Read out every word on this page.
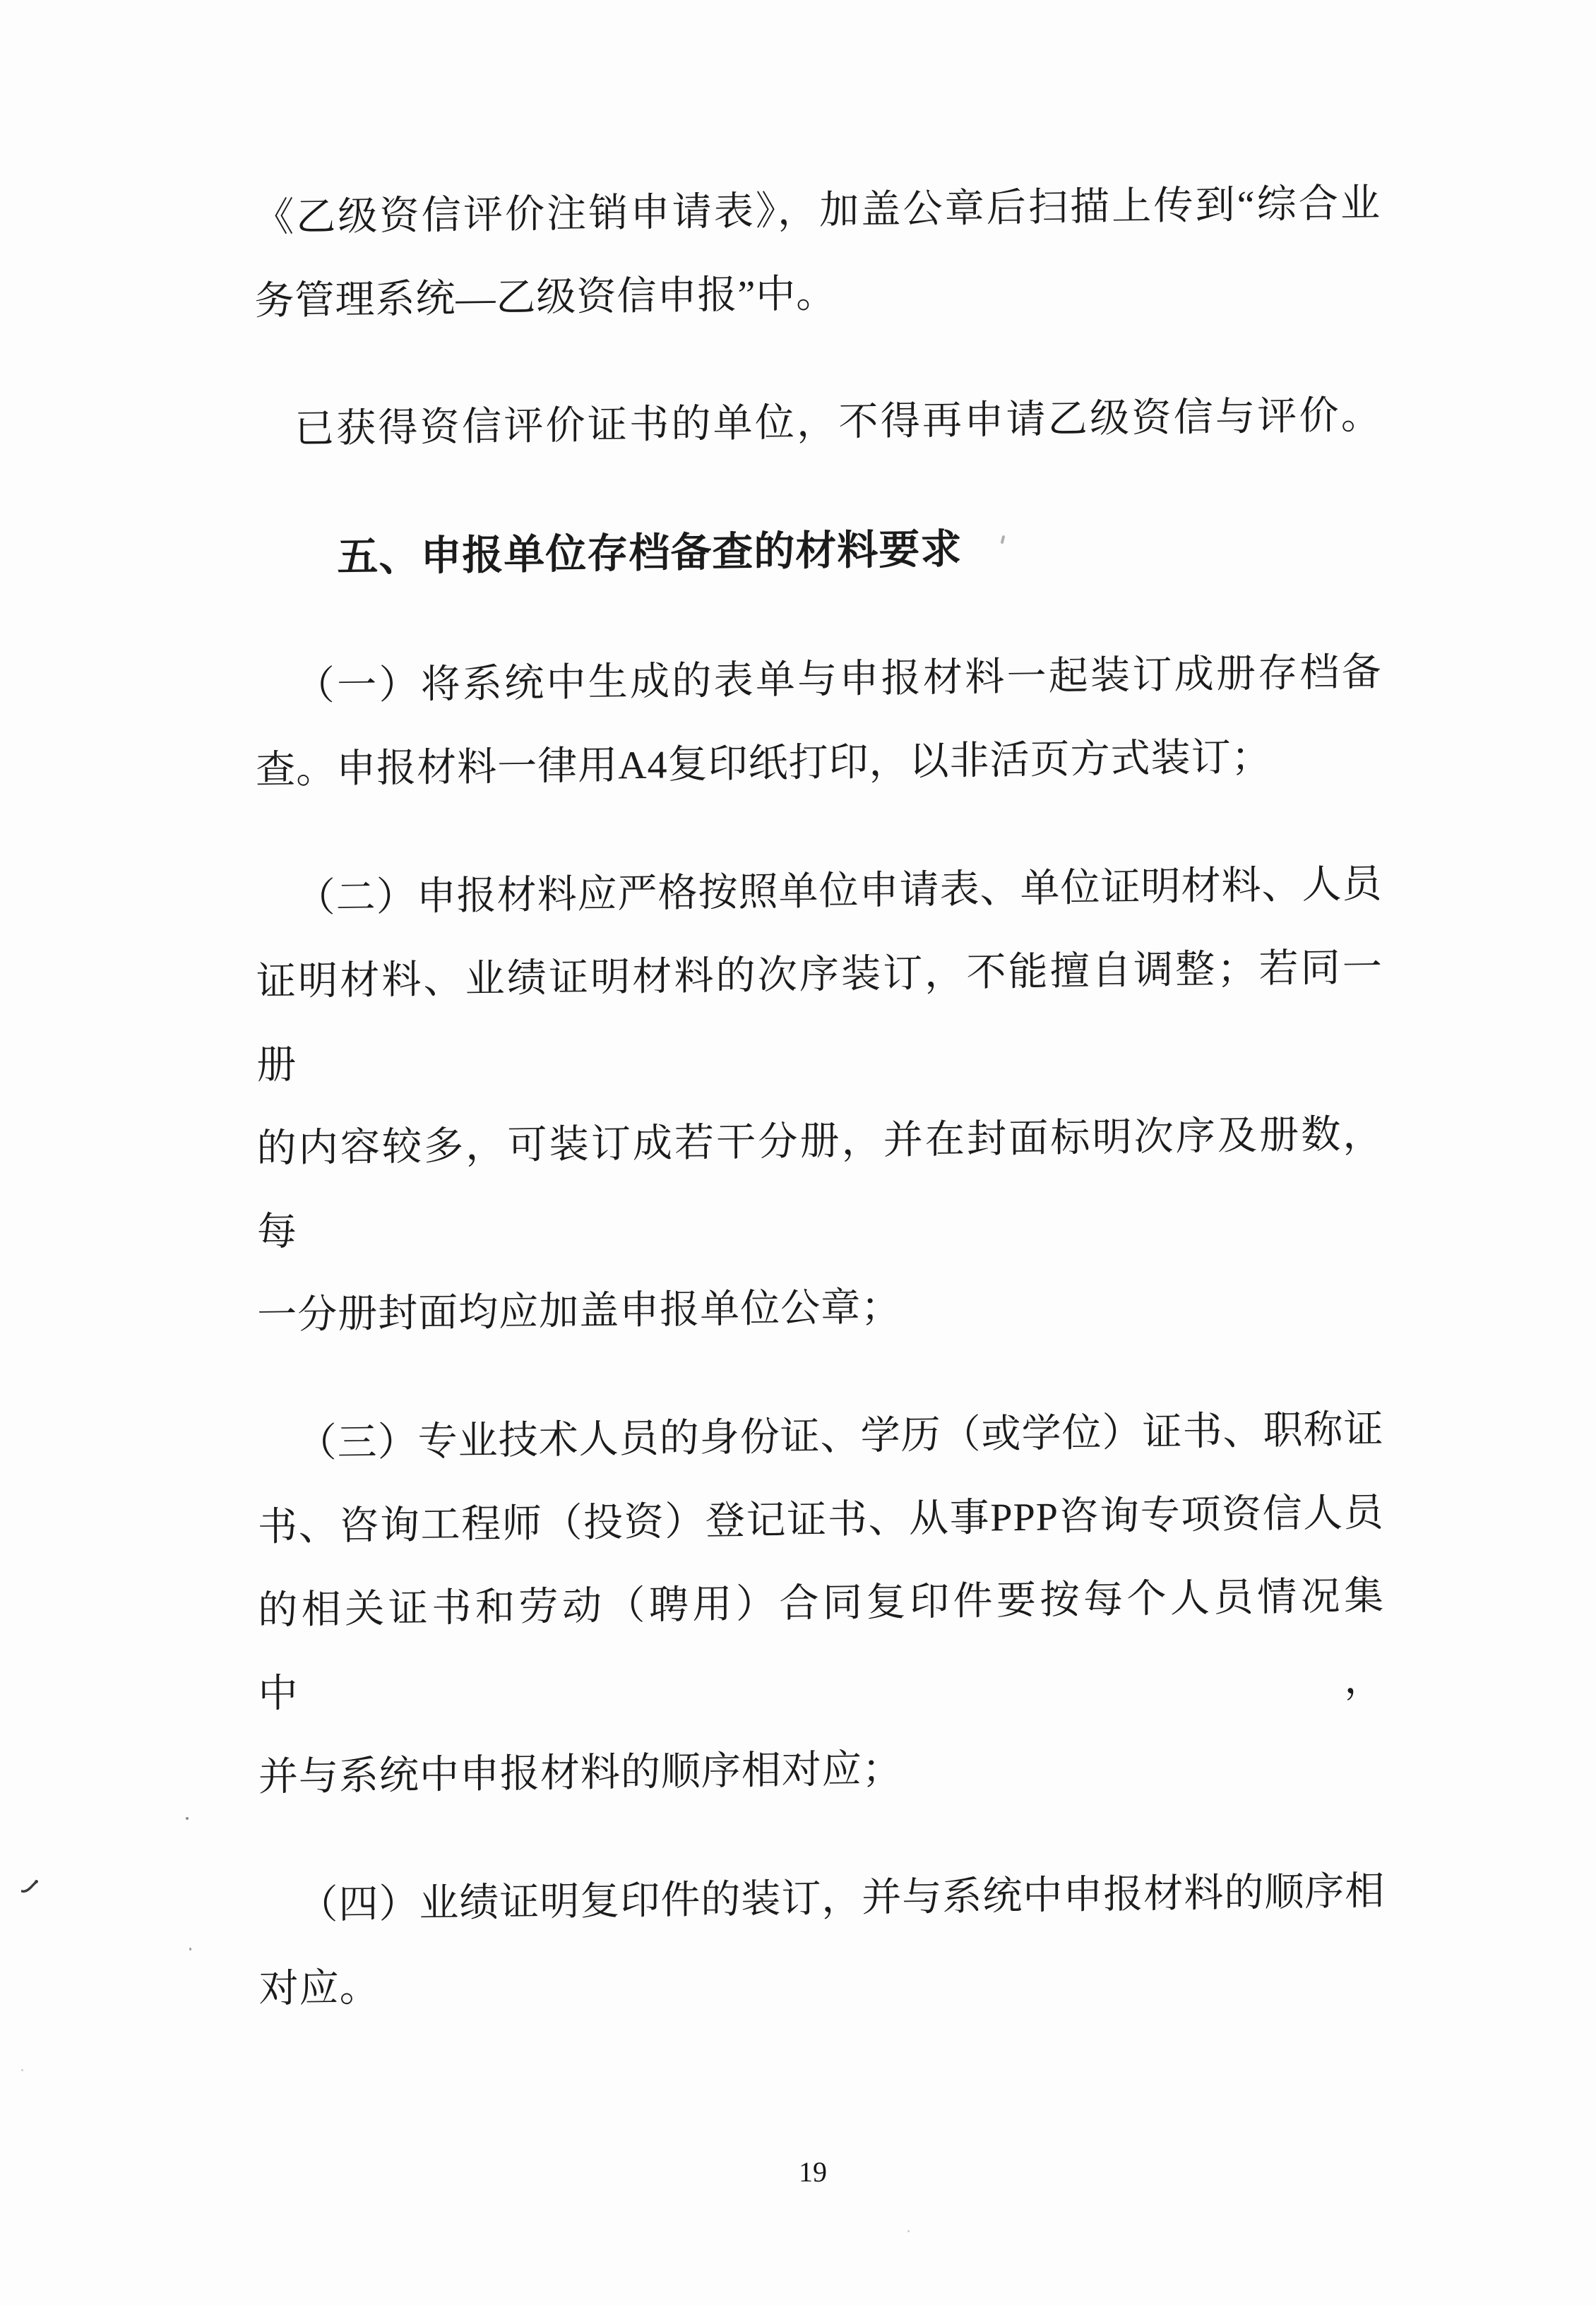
《乙级资信评价注销申请表》，加盖公章后扫描上传到“综合业
务管理系统—乙级资信申报”中。

已获得资信评价证书的单位，不得再申请乙级资信与评价。

五、申报单位存档备查的材料要求

（一）将系统中生成的表单与申报材料一起装订成册存档备
查。申报材料一律用A4复印纸打印，以非活页方式装订；

（二）申报材料应严格按照单位申请表、单位证明材料、人员
证明材料、业绩证明材料的次序装订，不能擅自调整；若同一册
的内容较多，可装订成若干分册，并在封面标明次序及册数，每
一分册封面均应加盖申报单位公章；

（三）专业技术人员的身份证、学历（或学位）证书、职称证
书、咨询工程师（投资）登记证书、从事PPP咨询专项资信人员
的相关证书和劳动（聘用）合同复印件要按每个人员情况集中，
并与系统中申报材料的顺序相对应；

（四）业绩证明复印件的装订，并与系统中申报材料的顺序相
对应。

19
